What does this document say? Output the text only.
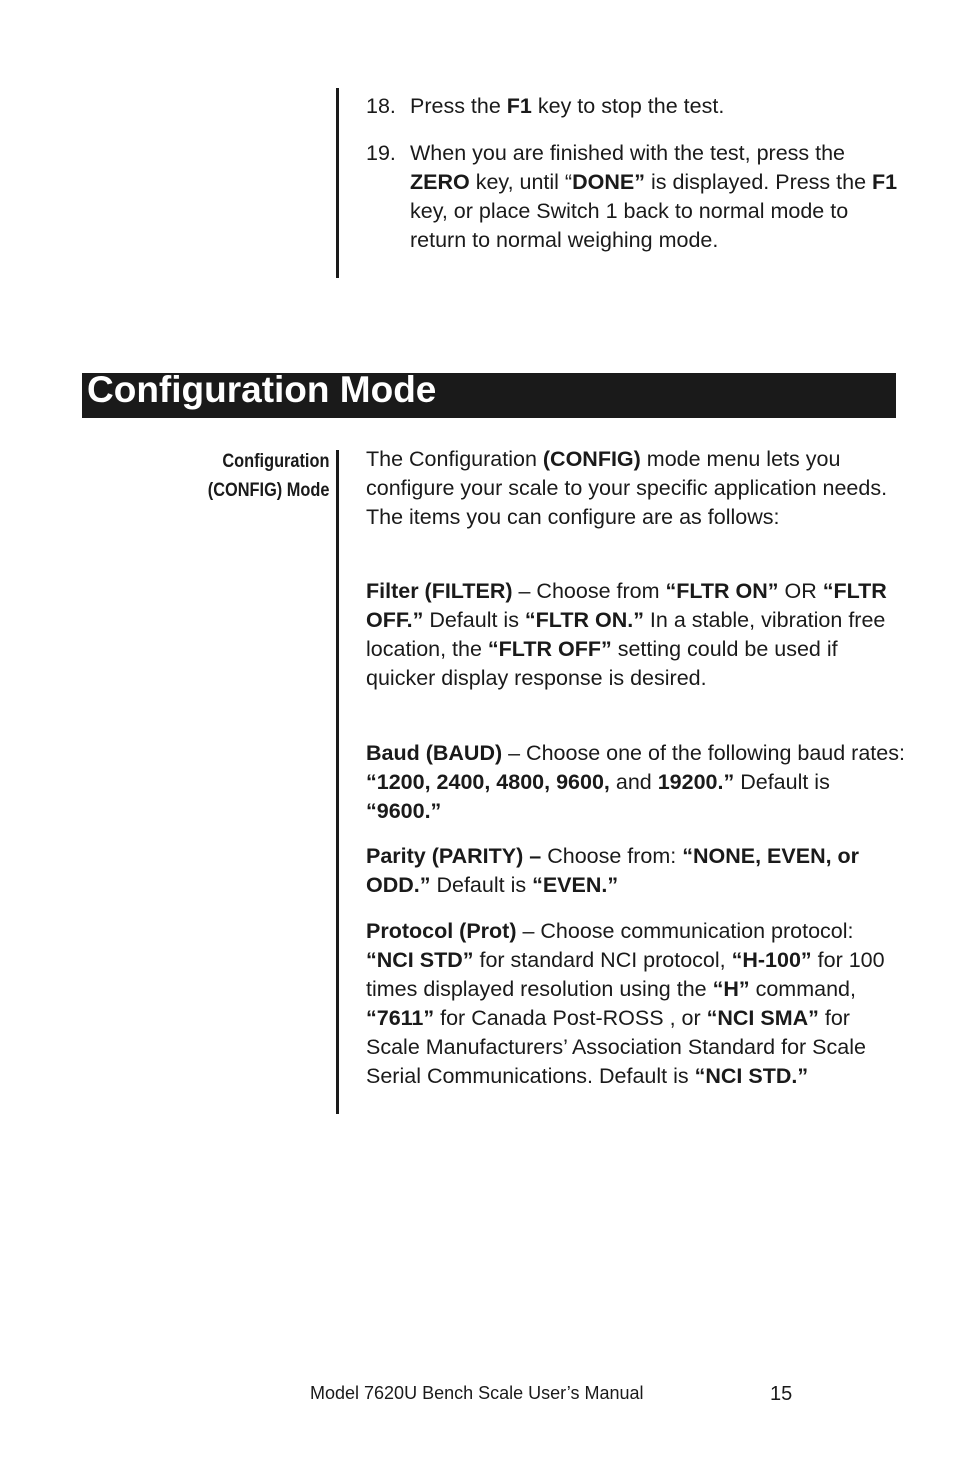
18. Press the F1 key to stop the test.
19. When you are finished with the test, press the ZERO key, until “DONE” is displayed. Press the F1 key, or place Switch 1 back to normal mode to return to normal weighing mode.
Configuration Mode
Configuration
(CONFIG) Mode

The Configuration (CONFIG) mode menu lets you configure your scale to your specific application needs. The items you can configure are as follows:

Filter (FILTER) – Choose from “FLTR ON” OR “FLTR OFF.” Default is “FLTR ON.” In a stable, vibration free location, the “FLTR OFF” setting could be used if quicker display response is desired.

Baud (BAUD) – Choose one of the following baud rates: “1200, 2400, 4800, 9600, and 19200.” Default is “9600.”

Parity (PARITY) – Choose from: “NONE, EVEN, or ODD.” Default is “EVEN.”

Protocol (Prot) – Choose communication protocol: “NCI STD” for standard NCI protocol, “H-100” for 100 times displayed resolution using the “H” command, “7611” for Canada Post-ROSS , or “NCI SMA” for Scale Manufacturers’ Association Standard for Scale Serial Communications. Default is “NCI STD.”

Model 7620U Bench Scale User’s Manual	15
